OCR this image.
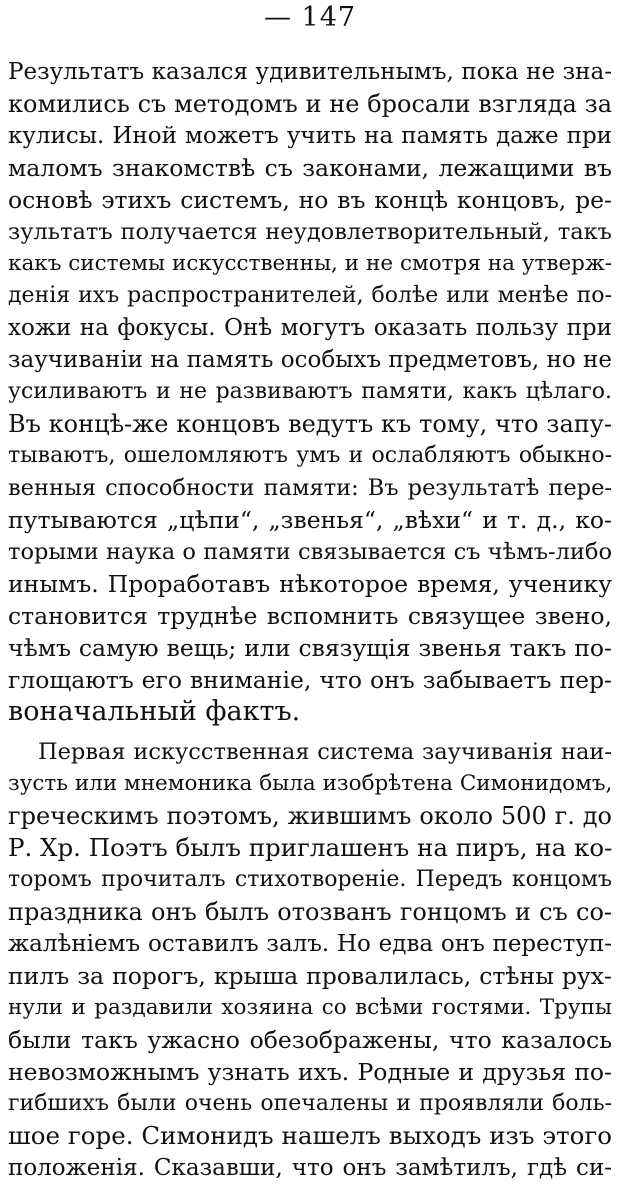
— 147
Результатъ казался удивительнымъ, пока не зна-
комились съ методомъ и не бросали взгляда за
кулисы. Иной можетъ учить на память даже при
маломъ знакомствѣ съ законами, лежащими въ
основѣ этихъ системъ, но въ концѣ концовъ, ре-
зультатъ получается неудовлетворительный, такъ
какъ системы искусственны, и не смотря на утверж-
денія ихъ распространителей, болѣе или менѣе по-
хожи на фокусы. Онѣ могутъ оказать пользу при
заучиваніи на память особыхъ предметовъ, но не
усиливаютъ и не развиваютъ памяти, какъ цѣлаго.
Въ концѣ-же концовъ ведутъ къ тому, что запу-
тываютъ, ошеломляютъ умъ и ослабляютъ обыкно-
венныя способности памяти: Въ результатѣ пере-
путываются „цѣпи“, „звенья“, „вѣхи“ и т. д., ко-
торыми наука о памяти связывается съ чѣмъ-либо
инымъ. Проработавъ нѣкоторое время, ученику
становится труднѣе вспомнить связущее звено,
чѣмъ самую вещь; или связущія звенья такъ по-
глощаютъ его вниманіе, что онъ забываетъ пер-
воначальный фактъ.
Первая искусственная система заучиванія наи-
зусть или мнемоника была изобрѣтена Симонидомъ,
греческимъ поэтомъ, жившимъ около 500 г. до
Р. Хр. Поэтъ былъ приглашенъ на пиръ, на ко-
торомъ прочиталъ стихотвореніе. Передъ концомъ
праздника онъ былъ отозванъ гонцомъ и съ со-
жалѣніемъ оставилъ залъ. Но едва онъ переступ-
пилъ за порогъ, крыша провалилась, стѣны рух-
нули и раздавили хозяина со всѣми гостями. Трупы
были такъ ужасно обезображены, что казалось
невозможнымъ узнать ихъ. Родные и друзья по-
гибшихъ были очень опечалены и проявляли боль-
шое горе. Симонидъ нашелъ выходъ изъ этого
положенія. Сказавши, что онъ замѣтилъ, гдѣ си-
